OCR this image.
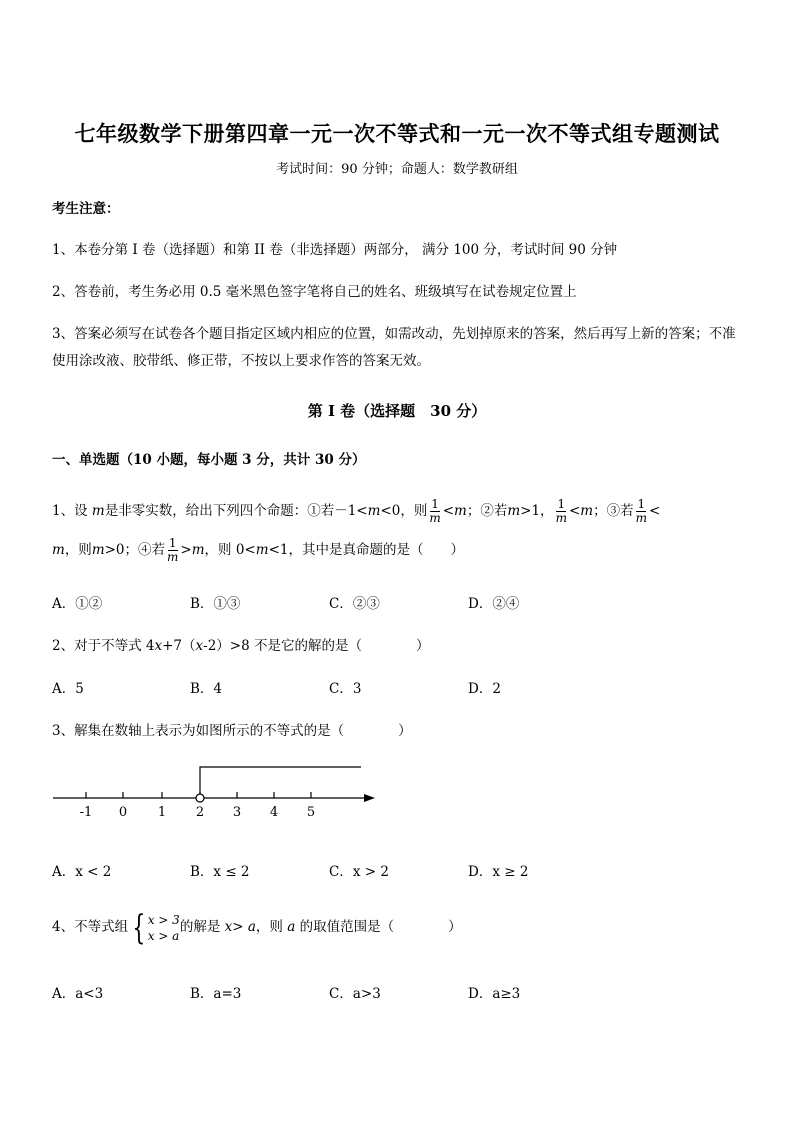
七年级数学下册第四章一元一次不等式和一元一次不等式组专题测试
考试时间：90 分钟；命题人：数学教研组
考生注意：
1、本卷分第 I 卷（选择题）和第 II 卷（非选择题）两部分， 满分 100 分，考试时间 90 分钟
2、答卷前，考生务必用 0.5 毫米黑色签字笔将自己的姓名、班级填写在试卷规定位置上
3、答案必须写在试卷各个题目指定区域内相应的位置，如需改动，先划掉原来的答案，然后再写上新的答案；不准使用涂改液、胶带纸、修正带，不按以上要求作答的答案无效。
第 I 卷（选择题　30 分）
一、单选题（10 小题，每小题 3 分，共计 30 分）
1、设 m是非零实数，给出下列四个命题：①若－1<m<0，则 $\frac{1}{m} <m$；②若m>1， $\frac{1}{m} <m$；③若 $\frac{1}{m}$ <
m，则m>0；④若 $\frac{1}{m} >m$，则 0<m<1，其中是真命题的是（　　）
A．①②	B．①③	C．②③	D．②④
2、对于不等式 4x+7（x-2）>8 不是它的解的是（　　　　）
A．5	B．4	C．3	D．2
3、解集在数轴上表示为如图所示的不等式的是（　　　　）
-1 0 1 2 3 4 5
A．x < 2	B．x ≤ 2	C．x > 2	D．x ≥ 2
4、不等式组 { x > 3
x > a
的解是 x> a，则 a 的取值范围是（　　　　）
A．a<3	B．a=3	C．a>3	D．a≥3
